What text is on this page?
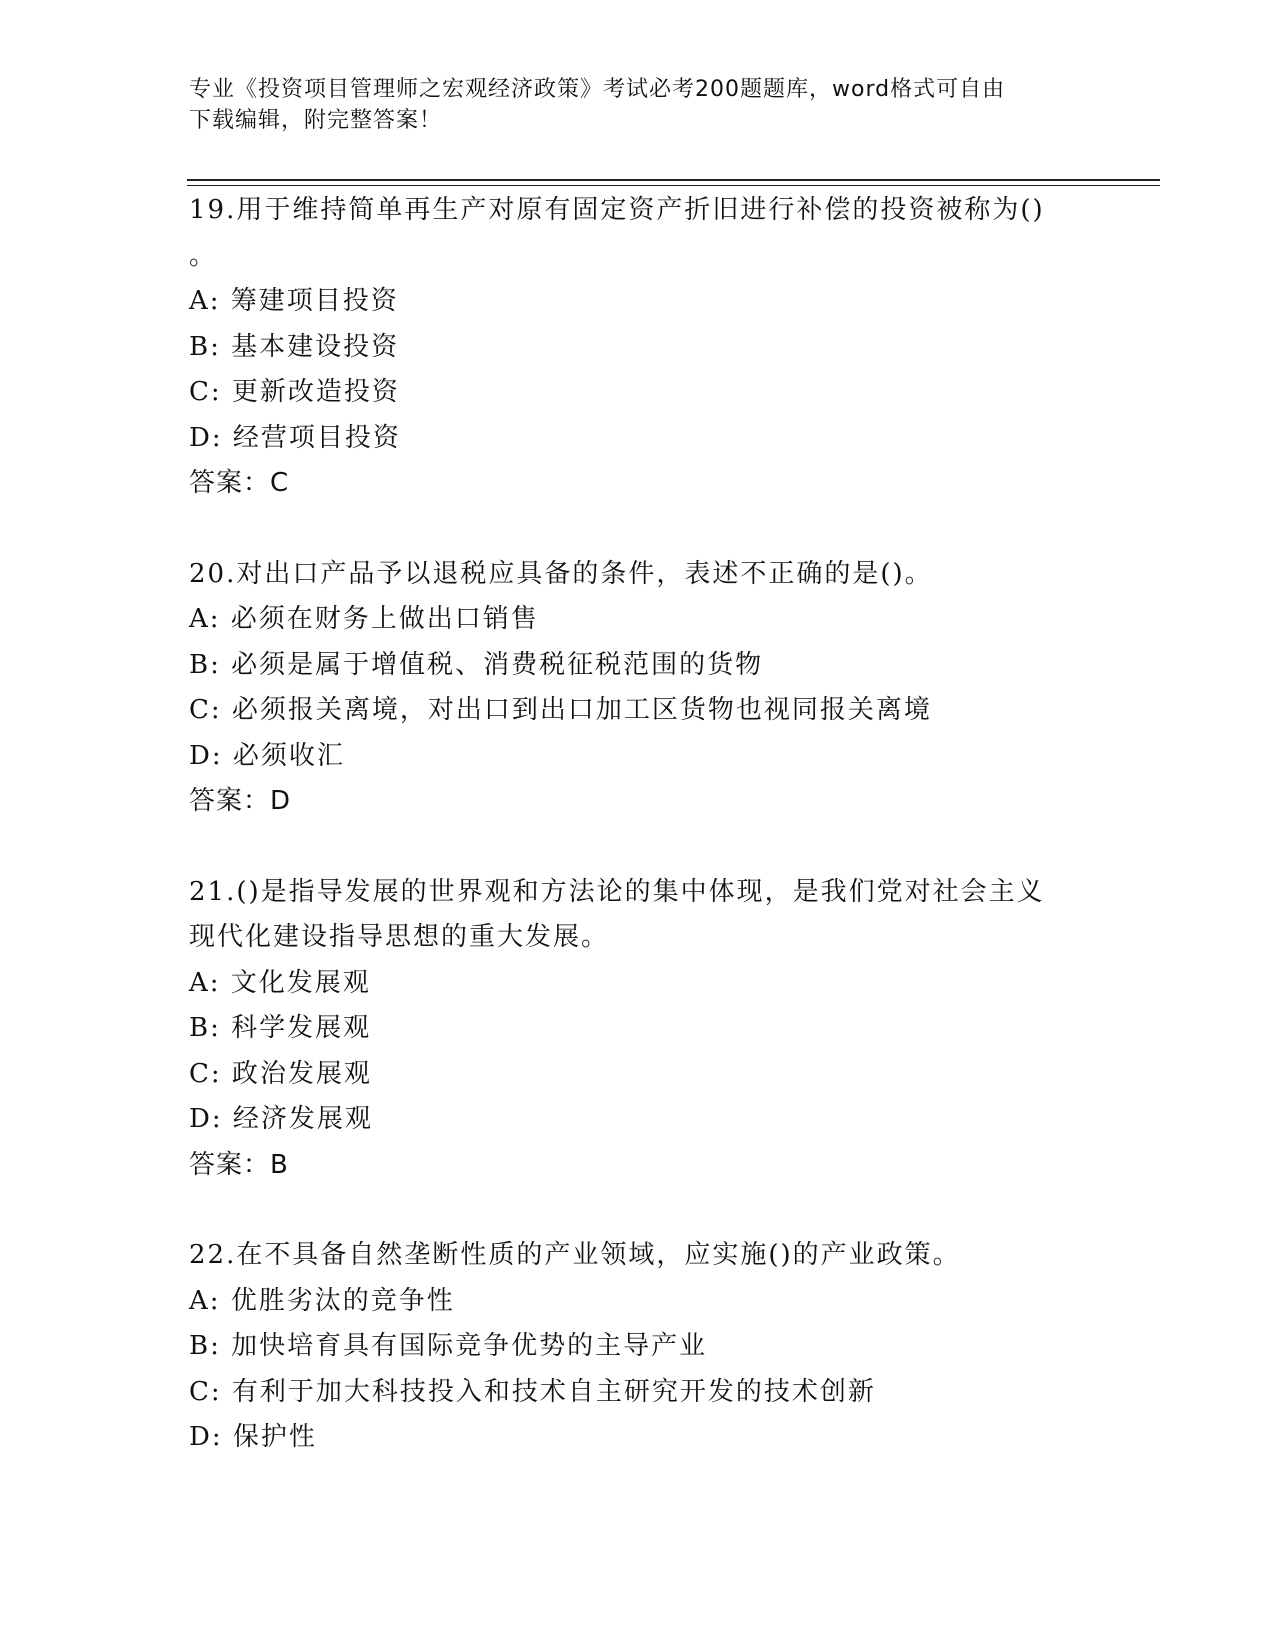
专业《投资项目管理师之宏观经济政策》考试必考200题题库，word格式可自由
下载编辑，附完整答案！
19.用于维持简单再生产对原有固定资产折旧进行补偿的投资被称为()
。
A: 筹建项目投资
B: 基本建设投资
C: 更新改造投资
D: 经营项目投资
答案：C
20.对出口产品予以退税应具备的条件，表述不正确的是()。
A: 必须在财务上做出口销售
B: 必须是属于增值税、消费税征税范围的货物
C: 必须报关离境，对出口到出口加工区货物也视同报关离境
D: 必须收汇
答案：D
21.()是指导发展的世界观和方法论的集中体现，是我们党对社会主义
现代化建设指导思想的重大发展。
A: 文化发展观
B: 科学发展观
C: 政治发展观
D: 经济发展观
答案：B
22.在不具备自然垄断性质的产业领域，应实施()的产业政策。
A: 优胜劣汰的竞争性
B: 加快培育具有国际竞争优势的主导产业
C: 有利于加大科技投入和技术自主研究开发的技术创新
D: 保护性
